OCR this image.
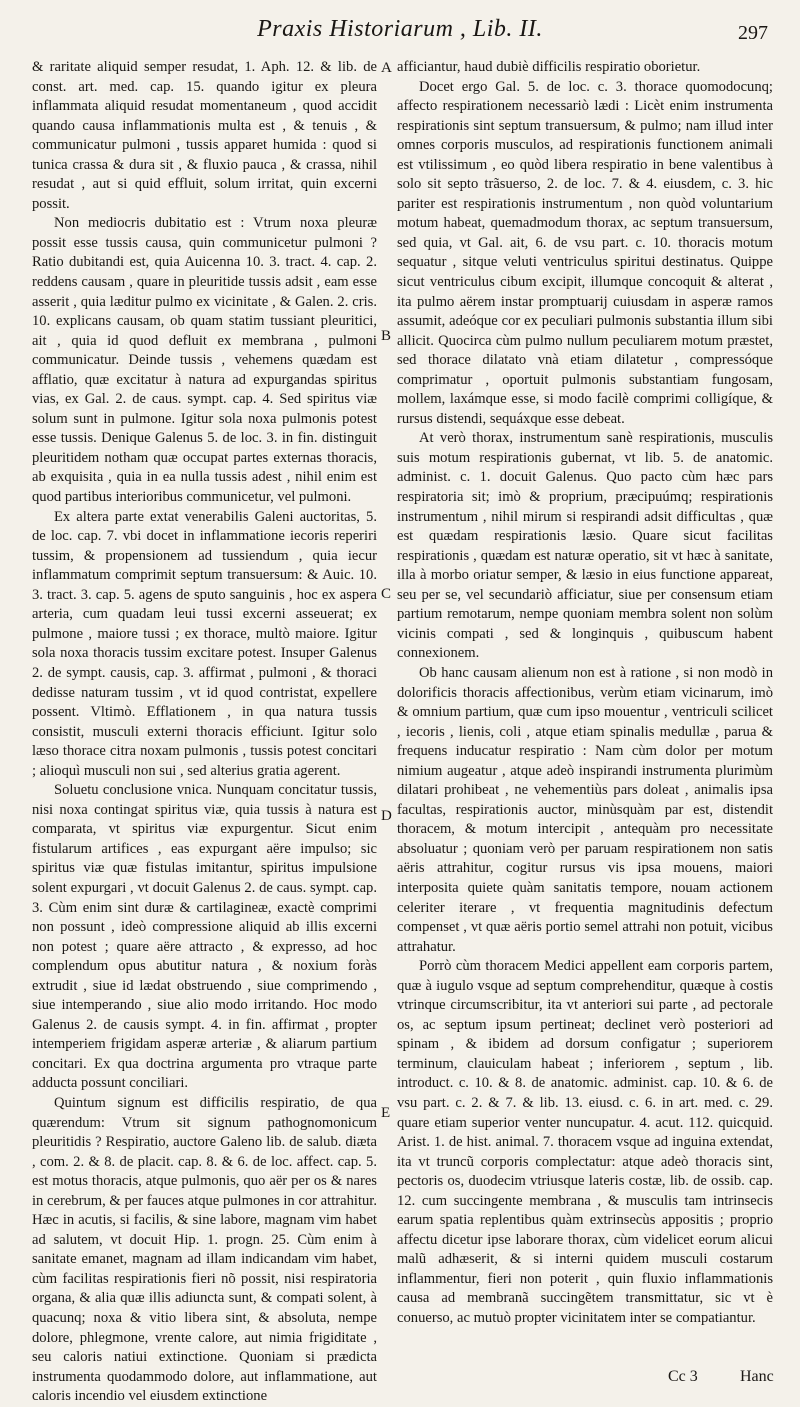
Praxis Historiarum , Lib. II.	297

& raritate aliquid semper resudat, 1. Aph. 12. & lib. de const. art. med. cap. 15. quando igitur ex pleura inflammata aliquid resudat momentaneum , quod accidit quando causa inflammationis multa est , & tenuis , & communicatur pulmoni , tussis apparet humida : quod si tunica crassa & dura sit , & fluxio pauca , & crassa, nihil resudat , aut si quid effluit, solum irritat, quin excerni possit.

Non mediocris dubitatio est : Vtrum noxa pleuræ possit esse tussis causa, quin communicetur pulmoni ? Ratio dubitandi est, quia Auicenna 10. 3. tract. 4. cap. 2. reddens causam , quare in pleuritide tussis adsit , eam esse asserit , quia læditur pulmo ex vicinitate , & Galen. 2. cris. 10. explicans causam, ob quam statim tussiant pleuritici, ait , quia id quod defluit ex membrana , pulmoni communicatur. Deinde tussis , vehemens quædam est afflatio, quæ excitatur à natura ad expurgandas spiritus vias, ex Gal. 2. de caus. sympt. cap. 4. Sed spiritus viæ solum sunt in pulmone. Igitur sola noxa pulmonis potest esse tussis. Denique Galenus 5. de loc. 3. in fin. distinguit pleuritidem notham quæ occupat partes externas thoracis, ab exquisita , quia in ea nulla tussis adest , nihil enim est quod partibus interioribus communicetur, vel pulmoni.

Ex altera parte extat venerabilis Galeni auctoritas, 5. de loc. cap. 7. vbi docet in inflammatione iecoris reperiri tussim, & propensionem ad tussiendum , quia iecur inflammatum comprimit septum transuersum: & Auic. 10. 3. tract. 3. cap. 5. agens de sputo sanguinis , hoc ex aspera arteria, cum quadam leui tussi excerni asseuerat; ex pulmone , maiore tussi ; ex thorace, multò maiore. Igitur sola noxa thoracis tussim excitare potest. Insuper Galenus 2. de sympt. causis, cap. 3. affirmat , pulmoni , & thoraci dedisse naturam tussim , vt id quod contristat, expellere possent. Vltimò. Efflationem , in qua natura tussis consistit, musculi externi thoracis efficiunt. Igitur solo læso thorace citra noxam pulmonis , tussis potest concitari ; alioquì musculi non sui , sed alterius gratia agerent.

Soluetu conclusione vnica. Nunquam concitatur tussis, nisi noxa contingat spiritus viæ, quia tussis à natura est comparata, vt spiritus viæ expurgentur. Sicut enim fistularum artifices , eas expurgant aëre impulso; sic spiritus viæ quæ fistulas imitantur, spiritus impulsione solent expurgari , vt docuit Galenus 2. de caus. sympt. cap. 3. Cùm enim sint duræ & cartilagineæ, exactè comprimi non possunt , ideò compressione aliquid ab illis excerni non potest ; quare aëre attracto , & expresso, ad hoc complendum opus abutitur natura , & noxium foràs extrudit , siue id lædat obstruendo , siue comprimendo , siue intemperando , siue alio modo irritando. Hoc modo Galenus 2. de causis sympt. 4. in fin. affirmat , propter intemperiem frigidam asperæ arteriæ , & aliarum partium concitari. Ex qua doctrina argumenta pro vtraque parte adducta possunt conciliari.

Quintum signum est difficilis respiratio, de qua quærendum: Vtrum sit signum pathognomonicum pleuritidis ? Respiratio, auctore Galeno lib. de salub. diæta , com. 2. & 8. de placit. cap. 8. & 6. de loc. affect. cap. 5. est motus thoracis, atque pulmonis, quo aër per os & nares in cerebrum, & per fauces atque pulmones in cor attrahitur. Hæc in acutis, si facilis, & sine labore, magnam vim habet ad salutem, vt docuit Hip. 1. progn. 25. Cùm enim à sanitate emanet, magnam ad illam indicandam vim habet, cùm facilitas respirationis fieri nõ possit, nisi respiratoria organa, & alia quæ illis adiuncta sunt, & compati solent, à quacunq; noxa & vitio libera sint, & absoluta, nempe dolore, phlegmone, vrente calore, aut nimia frigiditate , seu caloris natiui extinctione. Quoniam si prædicta instrumenta quodammodo dolore, aut inflammatione, aut caloris incendio vel eiusdem extinctione

A
B
C
D
E

afficiantur, haud dubiè difficilis respiratio oborietur.

Docet ergo Gal. 5. de loc. c. 3. thorace quomodocunq; affecto respirationem necessariò lædi : Licèt enim instrumenta respirationis sint septum transuersum, & pulmo; nam illud inter omnes corporis musculos, ad respirationis functionem animali est vtilissimum , eo quòd libera respiratio in bene valentibus à solo sit septo trãsuerso, 2. de loc. 7. & 4. eiusdem, c. 3. hic pariter est respirationis instrumentum , non quòd voluntarium motum habeat, quemadmodum thorax, ac septum transuersum, sed quia, vt Gal. ait, 6. de vsu part. c. 10. thoracis motum sequatur , sitque veluti ventriculus spiritui destinatus. Quippe sicut ventriculus cibum excipit, illumque concoquit & alterat , ita pulmo aërem instar promptuarij cuiusdam in asperæ ramos assumit, adeóque cor ex peculiari pulmonis substantia illum sibi allicit. Quocirca cùm pulmo nullum peculiarem motum præstet, sed thorace dilatato vnà etiam dilatetur , compressóque comprimatur , oportuit pulmonis substantiam fungosam, mollem, laxámque esse, si modo facilè comprimi colligíque, & rursus distendi, sequáxque esse debeat.

At verò thorax, instrumentum sanè respirationis, musculis suis motum respirationis gubernat, vt lib. 5. de anatomic. administ. c. 1. docuit Galenus. Quo pacto cùm hæc pars respiratoria sit; imò & proprium, præcipuúmq; respirationis instrumentum , nihil mirum si respirandi adsit difficultas , quæ est quædam respirationis læsio. Quare sicut facilitas respirationis , quædam est naturæ operatio, sit vt hæc à sanitate, illa à morbo oriatur semper, & læsio in eius functione appareat, seu per se, vel secundariò afficiatur, siue per consensum etiam partium remotarum, nempe quoniam membra solent non solùm vicinis compati , sed & longinquis , quibuscum habent connexionem.

Ob hanc causam alienum non est à ratione , si non modò in dolorificis thoracis affectionibus, verùm etiam vicinarum, imò & omnium partium, quæ cum ipso mouentur , ventriculi scilicet , iecoris , lienis, coli , atque etiam spinalis medullæ , parua & frequens inducatur respiratio : Nam cùm dolor per motum nimium augeatur , atque adeò inspirandi instrumenta plurimùm dilatari prohibeat , ne vehementiùs pars doleat , animalis ipsa facultas, respirationis auctor, minùsquàm par est, distendit thoracem, & motum intercipit , antequàm pro necessitate absoluatur ; quoniam verò per paruam respirationem non satis aëris attrahitur, cogitur rursus vis ipsa mouens, maiori interposita quiete quàm sanitatis tempore, nouam actionem celeriter iterare , vt frequentia magnitudinis defectum compenset , vt quæ aëris portio semel attrahi non potuit, vicibus attrahatur.

Porrò cùm thoracem Medici appellent eam corporis partem, quæ à iugulo vsque ad septum comprehenditur, quæque à costis vtrinque circumscribitur, ita vt anteriori sui parte , ad pectorale os, ac septum ipsum pertineat; declinet verò posteriori ad spinam , & ibidem ad dorsum configatur ; superiorem terminum, clauiculam habeat ; inferiorem , septum , lib. introduct. c. 10. & 8. de anatomic. administ. cap. 10. & 6. de vsu part. c. 2. & 7. & lib. 13. eiusd. c. 6. in art. med. c. 29. quare etiam superior venter nuncupatur. 4. acut. 112. quicquid. Arist. 1. de hist. animal. 7. thoracem vsque ad inguina extendat, ita vt truncũ corporis complectatur: atque adeò thoracis sint, pectoris os, duodecim vtriusque lateris costæ, lib. de ossib. cap. 12. cum succingente membrana , & musculis tam intrinsecis earum spatia replentibus quàm extrinsecùs appositis ; proprio affectu dicetur ipse laborare thorax, cùm videlicet eorum alicui malũ adhæserit, & si interni quidem musculi costarum inflammentur, fieri non poterit , quin fluxio inflammationis causa ad membranã succingẽtem transmittatur, sic vt è conuerso, ac mutuò propter vicinitatem inter se compatiantur.

Cc 3	Hanc
